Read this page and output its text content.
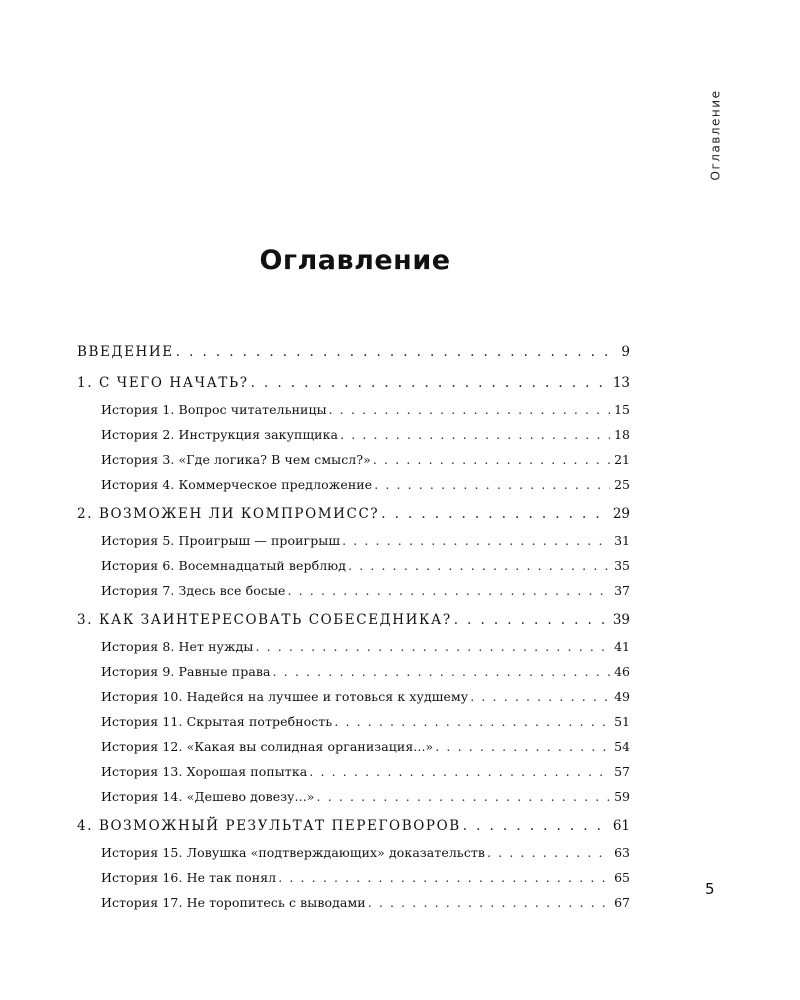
Оглавление
Оглавление
ВВЕДЕНИЕ . . .	9
1. С ЧЕГО НАЧАТЬ? . . .	13
История 1. Вопрос читательницы . . .	15
История 2. Инструкция закупщика . . .	18
История 3. «Где логика? В чем смысл?» . . .	21
История 4. Коммерческое предложение . . .	25
2. ВОЗМОЖЕН ЛИ КОМПРОМИСС? . . .	29
История 5. Проигрыш — проигрыш . . .	31
История 6. Восемнадцатый верблюд . . .	35
История 7. Здесь все босые . . .	37
3. КАК ЗАИНТЕРЕСОВАТЬ СОБЕСЕДНИКА? . . .	39
История 8. Нет нужды . . .	41
История 9. Равные права . . .	46
История 10. Надейся на лучшее и готовься к худшему . . .	49
История 11. Скрытая потребность . . .	51
История 12. «Какая вы солидная организация...» . . .	54
История 13. Хорошая попытка . . .	57
История 14. «Дешево довезу...» . . .	59
4. ВОЗМОЖНЫЙ РЕЗУЛЬТАТ ПЕРЕГОВОРОВ . . .	61
История 15. Ловушка «подтверждающих» доказательств . . .	63
История 16. Не так понял . . .	65
История 17. Не торопитесь с выводами . . .	67
5
